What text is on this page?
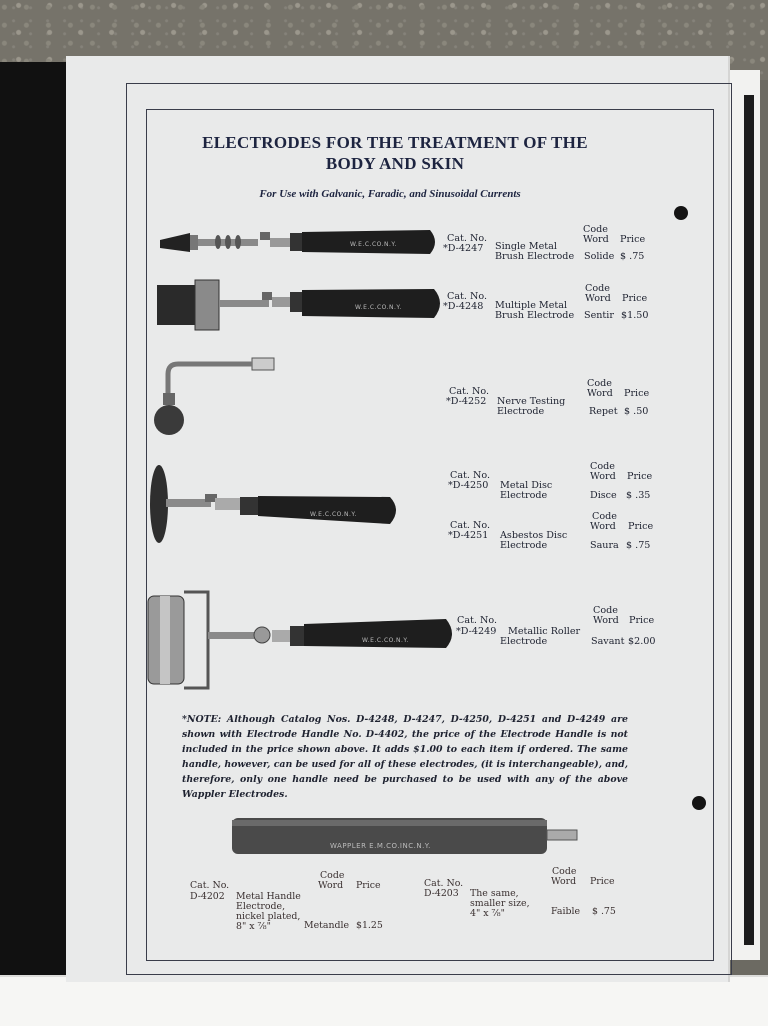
ELECTRODES FOR THE TREATMENT OF THE
BODY AND SKIN
For Use with Galvanic, Faradic, and Sinusoidal Currents
W.E.C.CO.N.Y.
W.E.C.CO.N.Y.
W.E.C.CO.N.Y.
W.E.C.CO.N.Y.
WAPPLER E.M.CO.INC.N.Y.
Cat. No.
*D-4247 Single Metal
Brush Electrode
Code
Word Price
Solide $ .75
Cat. No.
*D-4248 Multiple Metal
Brush Electrode
Code
Word Price
Sentir $1.50
Cat. No.
*D-4252 Nerve Testing
Electrode
Code
Word Price
Repet $ .50
Cat. No.
*D-4250 Metal Disc
Electrode
Code
Word Price
Disce $ .35
Cat. No.
*D-4251 Asbestos Disc
Electrode
Code
Word Price
Saura $ .75
Cat. No.
*D-4249 Metallic Roller
Electrode
Code
Word Price
Savant $2.00
*NOTE: Although Catalog Nos. D-4248, D-4247, D-4250, D-4251 and D-4249 are shown with Electrode Handle No. D-4402, the price of the Electrode Handle is not included in the price shown above. It adds $1.00 to each item if ordered. The same handle, however, can be used for all of these electrodes, (it is interchangeable), and, therefore, only one handle need be purchased to be used with any of the above Wappler Electrodes.
Cat. No.
D-4202 Metal Handle
Electrode,
nickel plated,
8" x ⅞"
Code
Word Price
Metandle $1.25
Cat. No.
D-4203 The same,
smaller size,
4" x ⅞"
Code
Word Price
Faible $ .75
